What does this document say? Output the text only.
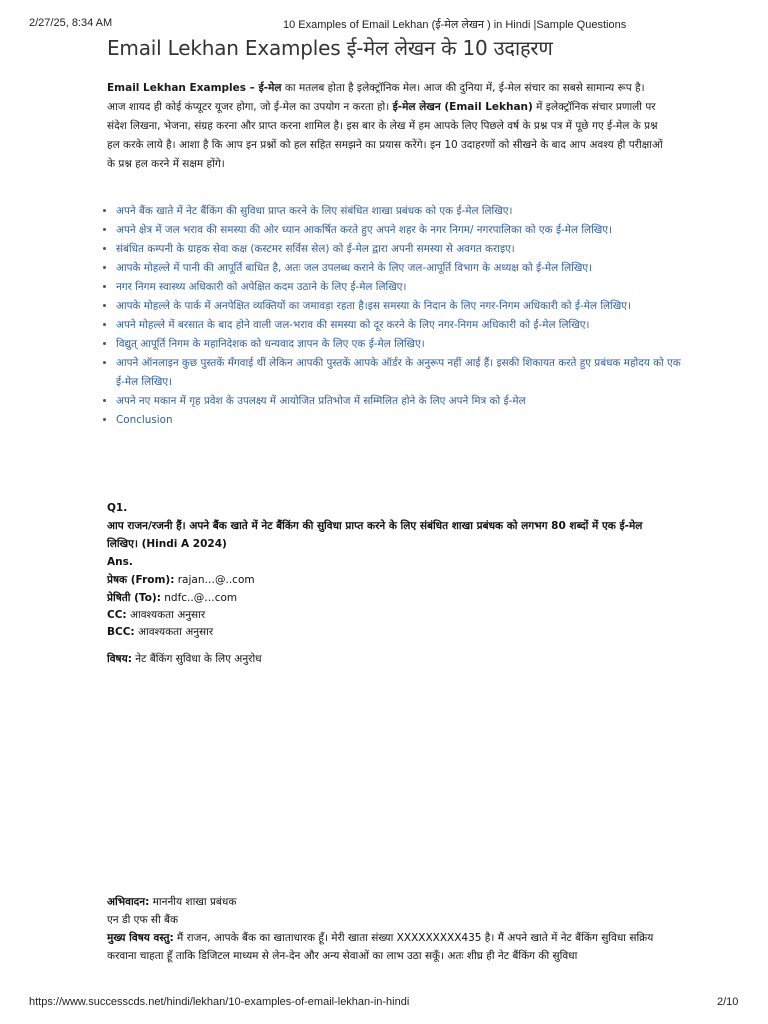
2/27/25, 8:34 AM	10 Examples of Email Lekhan (ई-मेल लेखन ) in Hindi |Sample Questions
Email Lekhan Examples ई-मेल लेखन के 10 उदाहरण
Email Lekhan Examples – ई-मेल का मतलब होता है इलेक्ट्रॉनिक मेल। आज की दुनिया में, ई-मेल संचार का सबसे सामान्य रूप है। आज शायद ही कोई कंप्यूटर यूजर होगा, जो ई-मेल का उपयोग न करता हो। ई-मेल लेखन (Email Lekhan) में इलेक्ट्रॉनिक संचार प्रणाली पर संदेश लिखना, भेजना, संग्रह करना और प्राप्त करना शामिल है। इस बार के लेख में हम आपके लिए पिछले वर्ष के प्रश्न पत्र में पूछे गए ई-मेल के प्रश्न हल करके लाये है। आशा है कि आप इन प्रश्नों को हल सहित समझने का प्रयास करेंगे। इन 10 उदाहरणों को सीखने के बाद आप अवश्य ही परीक्षाओं के प्रश्न हल करने में सक्षम होंगे।
• अपने बैंक खाते में नेट बैंकिंग की सुविधा प्राप्त करने के लिए संबंधित शाखा प्रबंधक को एक ई-मेल लिखिए।
• अपने क्षेत्र में जल भराव की समस्या की ओर ध्यान आकर्षित करते हुए अपने शहर के नगर निगम/ नगरपालिका को एक ई-मेल लिखिए।
• संबंधित कम्पनी के ग्राहक सेवा कक्ष (कस्टमर सर्विस सेल) को ई-मेल द्वारा अपनी समस्या से अवगत कराइए।
• आपके मोहल्ले में पानी की आपूर्ति बाधित है, अतः जल उपलब्ध कराने के लिए जल-आपूर्ति विभाग के अध्यक्ष को ई-मेल लिखिए।
• नगर निगम स्वास्थ्य अधिकारी को अपेक्षित कदम उठाने के लिए ई-मेल लिखिए।
• आपके मोहल्ले के पार्क में अनपेक्षित व्यक्तियों का जमावड़ा रहता है।इस समस्या के निदान के लिए नगर-निगम अधिकारी को ई-मेल लिखिए।
• अपने मोहल्ले में बरसात के बाद होने वाली जल-भराव की समस्या को दूर करने के लिए नगर-निगम अधिकारी को ई-मेल लिखिए।
• विद्युत् आपूर्ति निगम के महानिदेशक को धन्यवाद ज्ञापन के लिए एक ई-मेल लिखिए।
• आपने ऑनलाइन कुछ पुस्तकें मँगवाई थीं लेकिन आपकी पुस्तकें आपके ऑर्डर के अनुरूप नहीं आई हैं। इसकी शिकायत करते हुए प्रबंधक महोदय को एक ई-मेल लिखिए।
• अपने नए मकान में गृह प्रवेश के उपलक्ष्य में आयोजित प्रतिभोज में सम्मिलित होने के लिए अपने मित्र को ई-मेल
• Conclusion
Q1.
आप राजन/रजनी हैं। अपने बैंक खाते में नेट बैंकिंग की सुविधा प्राप्त करने के लिए संबंधित शाखा प्रबंधक को लगभग 80 शब्दों में एक ई-मेल लिखिए। (Hindi A 2024)
Ans.
प्रेषक (From): rajan…@..com
प्रेषिती (To): ndfc..@…com
CC: आवश्यकता अनुसार
BCC: आवश्यकता अनुसार
विषय: नेट बैंकिंग सुविधा के लिए अनुरोध
अभिवादन: माननीय शाखा प्रबंधक
एन डी एफ सी बैंक
मुख्य विषय वस्तु: मैं राजन, आपके बैंक का खाताधारक हूँ। मेरी खाता संख्या XXXXXXXXX435 है। मैं अपने खाते में नेट बैंकिंग सुविधा सक्रिय करवाना चाहता हूँ ताकि डिजिटल माध्यम से लेन-देन और अन्य सेवाओं का लाभ उठा सकूँ। अतः शीघ्र ही नेट बैंकिंग की सुविधा
https://www.successcds.net/hindi/lekhan/10-examples-of-email-lekhan-in-hindi	2/10
